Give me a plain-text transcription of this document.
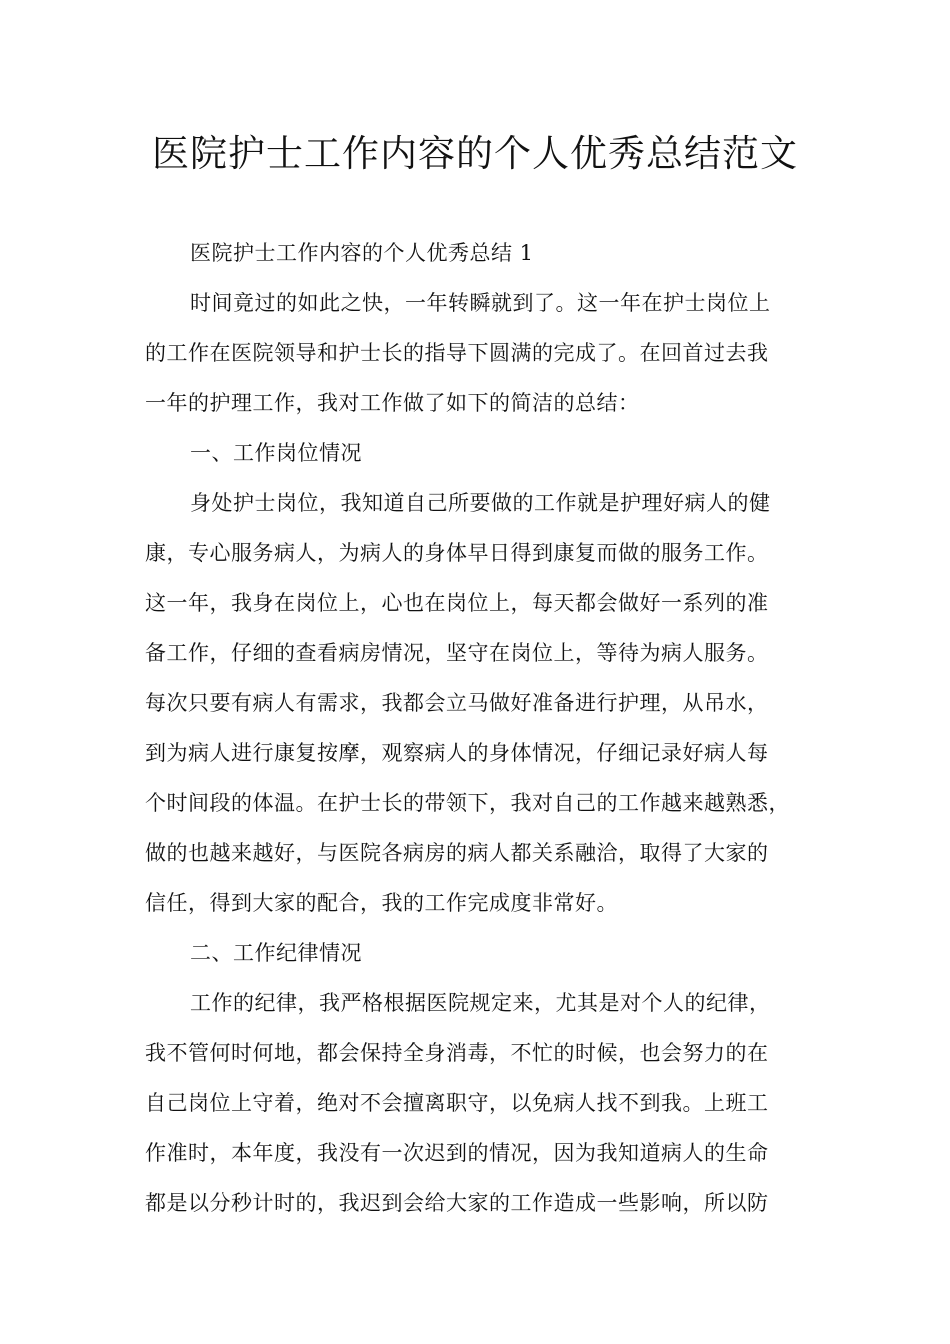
医院护士工作内容的个人优秀总结范文
医院护士工作内容的个人优秀总结 1
时间竟过的如此之快，一年转瞬就到了。这一年在护士岗位上
的工作在医院领导和护士长的指导下圆满的完成了。在回首过去我
一年的护理工作，我对工作做了如下的简洁的总结：
一、工作岗位情况
身处护士岗位，我知道自己所要做的工作就是护理好病人的健
康，专心服务病人，为病人的身体早日得到康复而做的服务工作。
这一年，我身在岗位上，心也在岗位上，每天都会做好一系列的准
备工作，仔细的查看病房情况，坚守在岗位上，等待为病人服务。
每次只要有病人有需求，我都会立马做好准备进行护理，从吊水，
到为病人进行康复按摩，观察病人的身体情况，仔细记录好病人每
个时间段的体温。在护士长的带领下，我对自己的工作越来越熟悉，
做的也越来越好，与医院各病房的病人都关系融洽，取得了大家的
信任，得到大家的配合，我的工作完成度非常好。
二、工作纪律情况
工作的纪律，我严格根据医院规定来，尤其是对个人的纪律，
我不管何时何地，都会保持全身消毒，不忙的时候，也会努力的在
自己岗位上守着，绝对不会擅离职守，以免病人找不到我。上班工
作准时，本年度，我没有一次迟到的情况，因为我知道病人的生命
都是以分秒计时的，我迟到会给大家的工作造成一些影响，所以防
